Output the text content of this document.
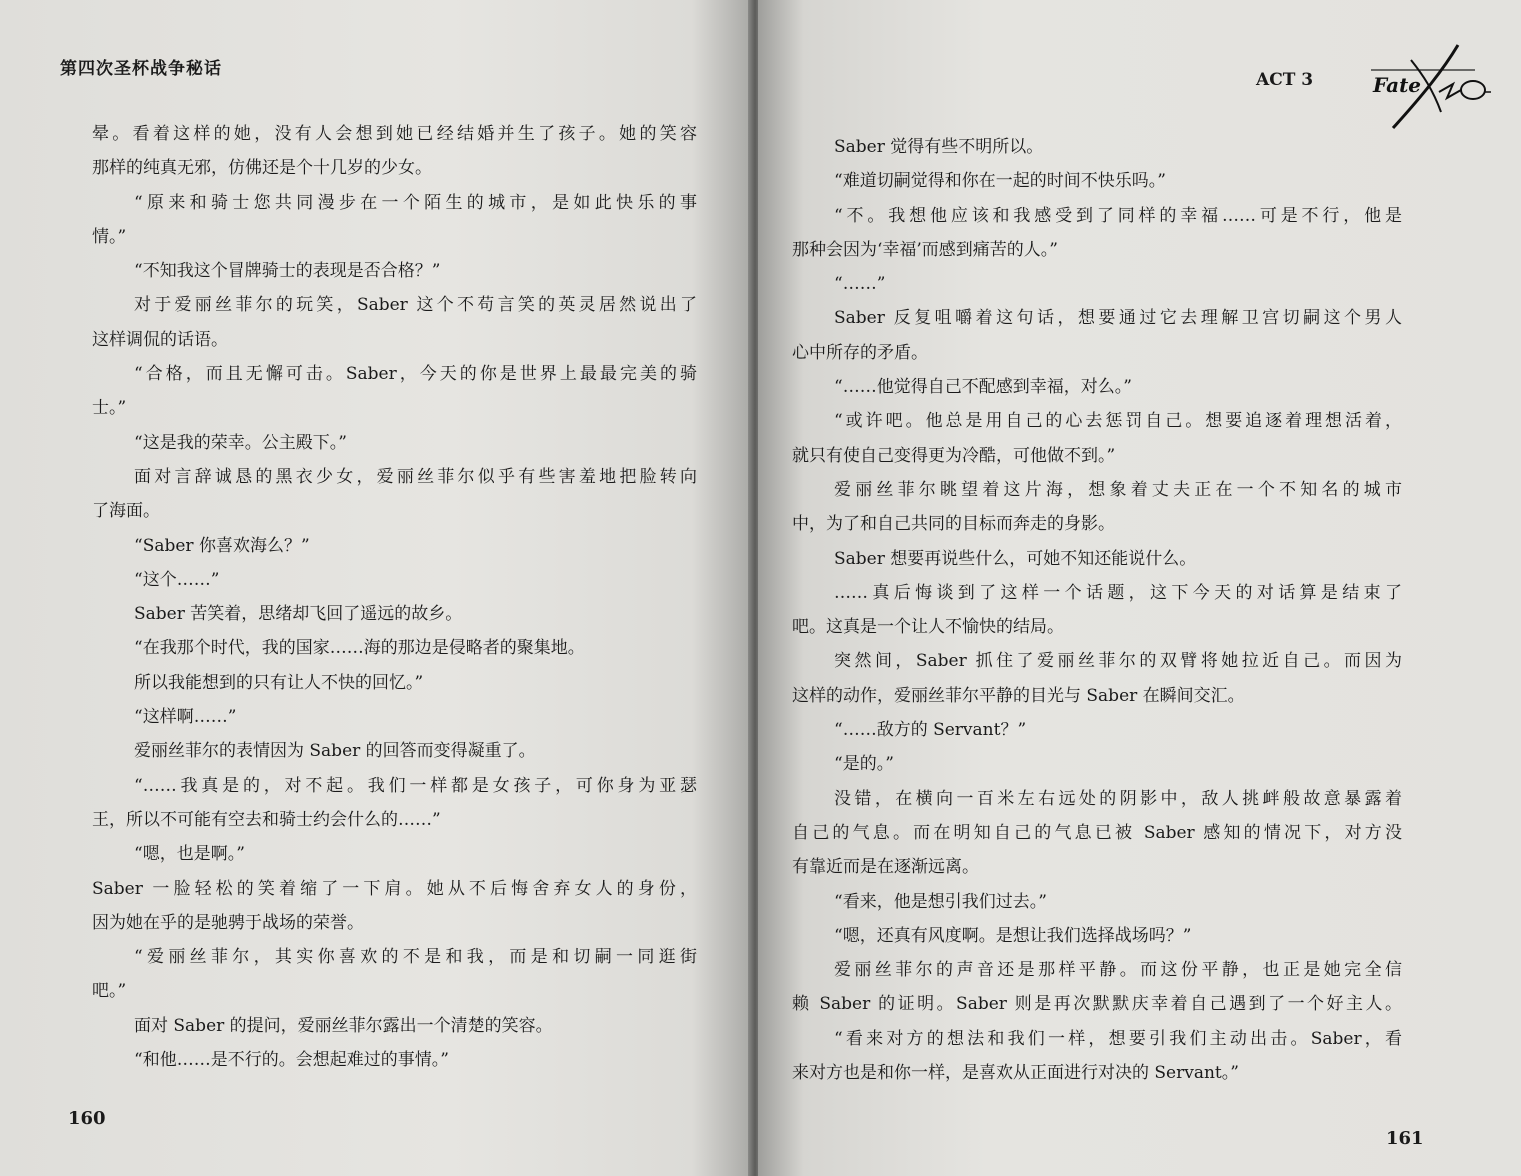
第四次圣杯战争秘话
晕。看着这样的她，没有人会想到她已经结婚并生了孩子。她的笑容
那样的纯真无邪，仿佛还是个十几岁的少女。
“原来和骑士您共同漫步在一个陌生的城市，是如此快乐的事
情。”
“不知我这个冒牌骑士的表现是否合格？”
对于爱丽丝菲尔的玩笑，Saber 这个不苟言笑的英灵居然说出了
这样调侃的话语。
“合格，而且无懈可击。Saber，今天的你是世界上最最完美的骑
士。”
“这是我的荣幸。公主殿下。”
面对言辞诚恳的黑衣少女，爱丽丝菲尔似乎有些害羞地把脸转向
了海面。
“Saber 你喜欢海么？”
“这个……”
Saber 苦笑着，思绪却飞回了遥远的故乡。
“在我那个时代，我的国家……海的那边是侵略者的聚集地。
所以我能想到的只有让人不快的回忆。”
“这样啊……”
爱丽丝菲尔的表情因为 Saber 的回答而变得凝重了。
“……我真是的，对不起。我们一样都是女孩子，可你身为亚瑟
王，所以不可能有空去和骑士约会什么的……”
“嗯，也是啊。”
Saber 一脸轻松的笑着缩了一下肩。她从不后悔舍弃女人的身份，
因为她在乎的是驰骋于战场的荣誉。
“爱丽丝菲尔，其实你喜欢的不是和我，而是和切嗣一同逛街
吧。”
面对 Saber 的提问，爱丽丝菲尔露出一个清楚的笑容。
“和他……是不行的。会想起难过的事情。”
160
ACT 3	Fate
Saber 觉得有些不明所以。
“难道切嗣觉得和你在一起的时间不快乐吗。”
“不。我想他应该和我感受到了同样的幸福……可是不行，他是
那种会因为‘幸福’而感到痛苦的人。”
“……”
Saber 反复咀嚼着这句话，想要通过它去理解卫宫切嗣这个男人
心中所存的矛盾。
“……他觉得自己不配感到幸福，对么。”
“或许吧。他总是用自己的心去惩罚自己。想要追逐着理想活着，
就只有使自己变得更为冷酷，可他做不到。”
爱丽丝菲尔眺望着这片海，想象着丈夫正在一个不知名的城市
中，为了和自己共同的目标而奔走的身影。
Saber 想要再说些什么，可她不知还能说什么。
……真后悔谈到了这样一个话题，这下今天的对话算是结束了
吧。这真是一个让人不愉快的结局。
突然间，Saber 抓住了爱丽丝菲尔的双臂将她拉近自己。而因为
这样的动作，爱丽丝菲尔平静的目光与 Saber 在瞬间交汇。
“……敌方的 Servant？”
“是的。”
没错，在横向一百米左右远处的阴影中，敌人挑衅般故意暴露着
自己的气息。而在明知自己的气息已被 Saber 感知的情况下，对方没
有靠近而是在逐渐远离。
“看来，他是想引我们过去。”
“嗯，还真有风度啊。是想让我们选择战场吗？”
爱丽丝菲尔的声音还是那样平静。而这份平静，也正是她完全信
赖 Saber 的证明。Saber 则是再次默默庆幸着自己遇到了一个好主人。
“看来对方的想法和我们一样，想要引我们主动出击。Saber，看
来对方也是和你一样，是喜欢从正面进行对决的 Servant。”
161
